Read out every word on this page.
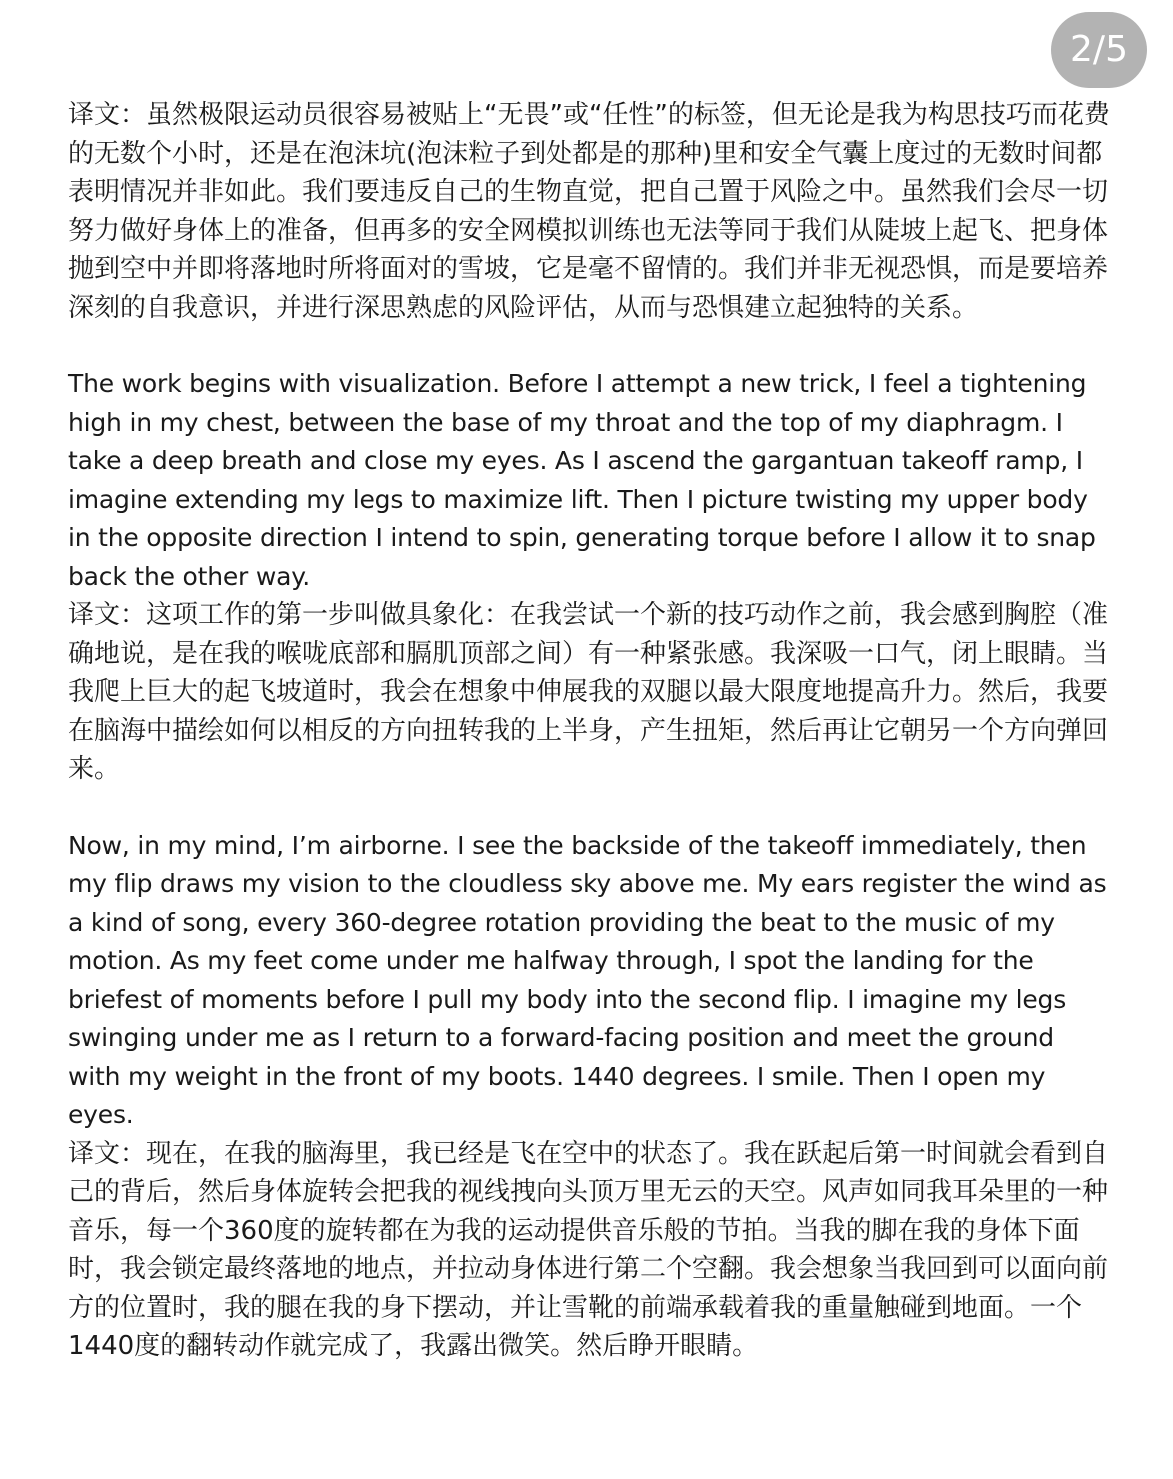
2/5

译文：虽然极限运动员很容易被贴上“无畏”或“任性”的标签，但无论是我为构思技巧而花费的无数个小时，还是在泡沫坑(泡沫粒子到处都是的那种)里和安全气囊上度过的无数时间都表明情况并非如此。我们要违反自己的生物直觉，把自己置于风险之中。虽然我们会尽一切努力做好身体上的准备，但再多的安全网模拟训练也无法等同于我们从陡坡上起飞、把身体抛到空中并即将落地时所将面对的雪坡，它是毫不留情的。我们并非无视恐惧，而是要培养深刻的自我意识，并进行深思熟虑的风险评估，从而与恐惧建立起独特的关系。

The work begins with visualization. Before I attempt a new trick, I feel a tightening high in my chest, between the base of my throat and the top of my diaphragm. I take a deep breath and close my eyes. As I ascend the gargantuan takeoff ramp, I imagine extending my legs to maximize lift. Then I picture twisting my upper body in the opposite direction I intend to spin, generating torque before I allow it to snap back the other way.

译文：这项工作的第一步叫做具象化：在我尝试一个新的技巧动作之前，我会感到胸腔（准确地说，是在我的喉咙底部和膈肌顶部之间）有一种紧张感。我深吸一口气，闭上眼睛。当我爬上巨大的起飞坡道时，我会在想象中伸展我的双腿以最大限度地提高升力。然后，我要在脑海中描绘如何以相反的方向扭转我的上半身，产生扭矩，然后再让它朝另一个方向弹回来。

Now, in my mind, I’m airborne. I see the backside of the takeoff immediately, then my flip draws my vision to the cloudless sky above me. My ears register the wind as a kind of song, every 360-degree rotation providing the beat to the music of my motion. As my feet come under me halfway through, I spot the landing for the briefest of moments before I pull my body into the second flip. I imagine my legs swinging under me as I return to a forward-facing position and meet the ground with my weight in the front of my boots. 1440 degrees. I smile. Then I open my eyes.

译文：现在，在我的脑海里，我已经是飞在空中的状态了。我在跃起后第一时间就会看到自己的背后，然后身体旋转会把我的视线拽向头顶万里无云的天空。风声如同我耳朵里的一种音乐，每一个360度的旋转都在为我的运动提供音乐般的节拍。当我的脚在我的身体下面时，我会锁定最终落地的地点，并拉动身体进行第二个空翻。我会想象当我回到可以面向前方的位置时，我的腿在我的身下摆动，并让雪靴的前端承载着我的重量触碰到地面。一个1440度的翻转动作就完成了，我露出微笑。然后睁开眼睛。
